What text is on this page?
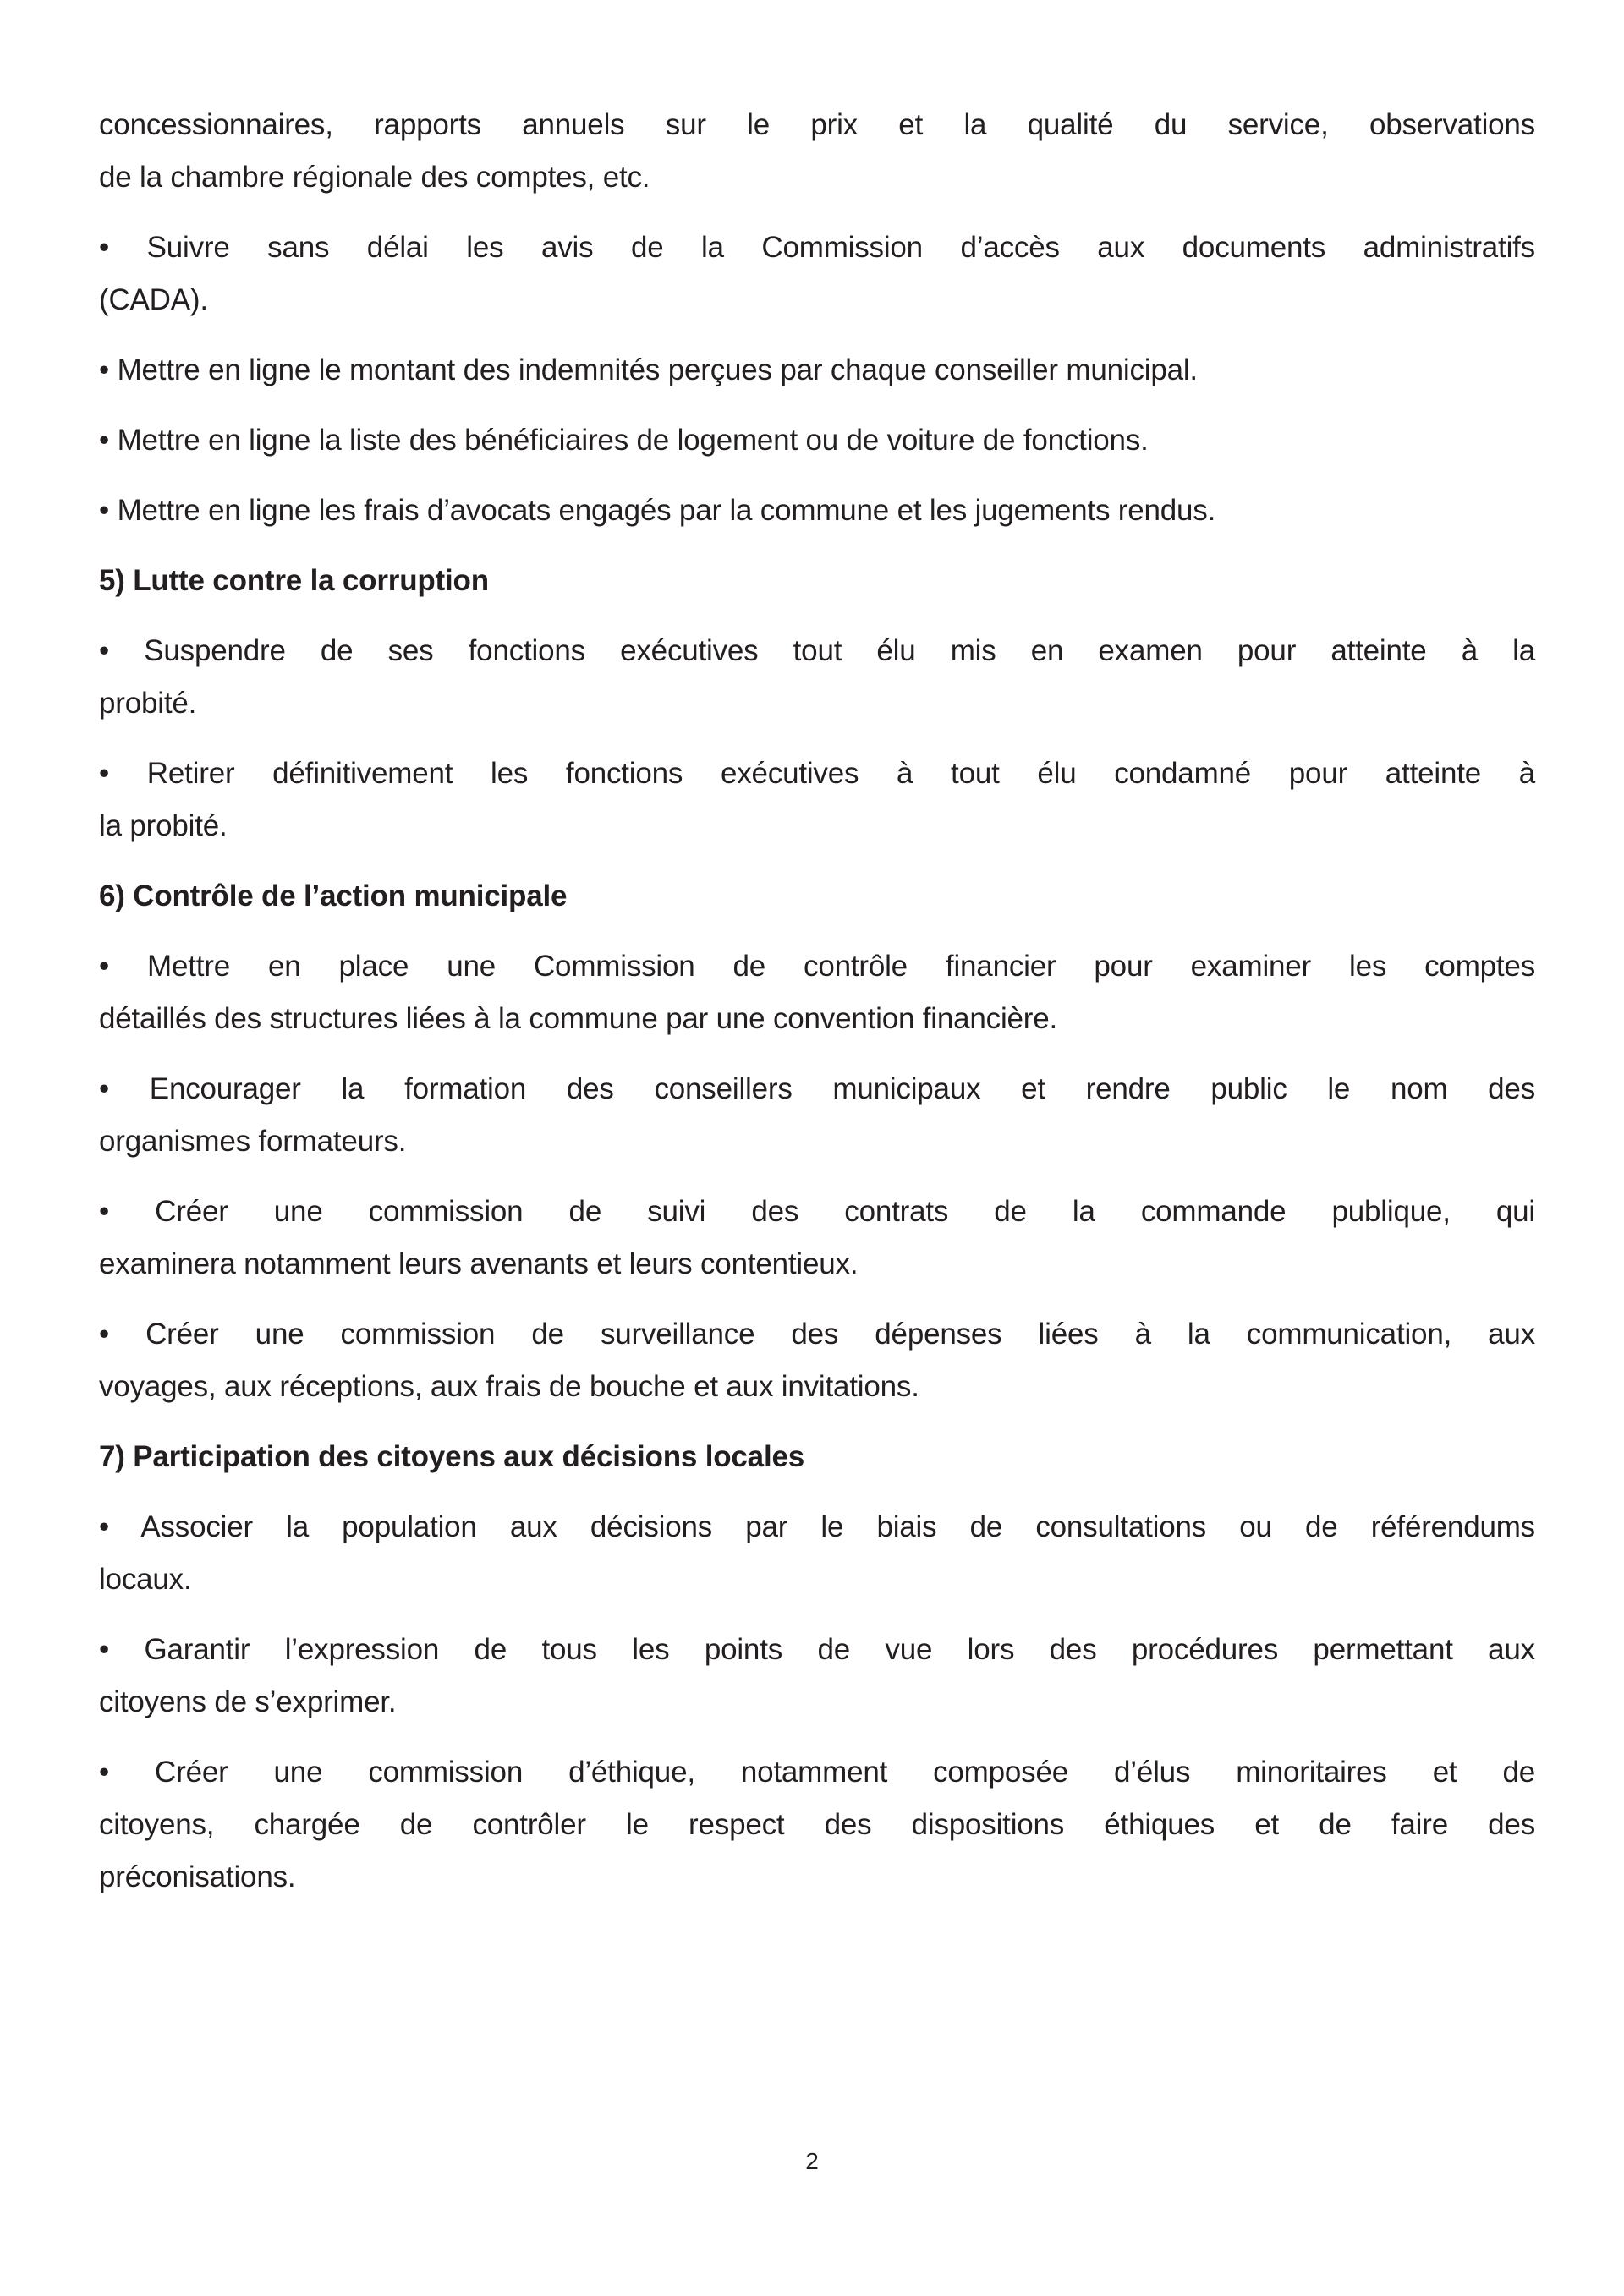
concessionnaires, rapports annuels sur le prix et la qualité du service, observations
de la chambre régionale des comptes, etc.
• Suivre sans délai les avis de la Commission d’accès aux documents administratifs
(CADA).
• Mettre en ligne le montant des indemnités perçues par chaque conseiller municipal.
• Mettre en ligne la liste des bénéficiaires de logement ou de voiture de fonctions.
• Mettre en ligne les frais d’avocats engagés par la commune et les jugements rendus.
5) Lutte contre la corruption
• Suspendre de ses fonctions exécutives tout élu mis en examen pour atteinte à la
probité.
• Retirer définitivement les fonctions exécutives à tout élu condamné pour atteinte à
la probité.
6) Contrôle de l’action municipale
• Mettre en place une Commission de contrôle financier pour examiner les comptes
détaillés des structures liées à la commune par une convention financière.
• Encourager la formation des conseillers municipaux et rendre public le nom des
organismes formateurs.
• Créer une commission de suivi des contrats de la commande publique, qui
examinera notamment leurs avenants et leurs contentieux.
• Créer une commission de surveillance des dépenses liées à la communication, aux
voyages, aux réceptions, aux frais de bouche et aux invitations.
7) Participation des citoyens aux décisions locales
• Associer la population aux décisions par le biais de consultations ou de référendums
locaux.
• Garantir l’expression de tous les points de vue lors des procédures permettant aux
citoyens de s’exprimer.
• Créer une commission d’éthique, notamment composée d’élus minoritaires et de
citoyens, chargée de contrôler le respect des dispositions éthiques et de faire des
préconisations.
2
